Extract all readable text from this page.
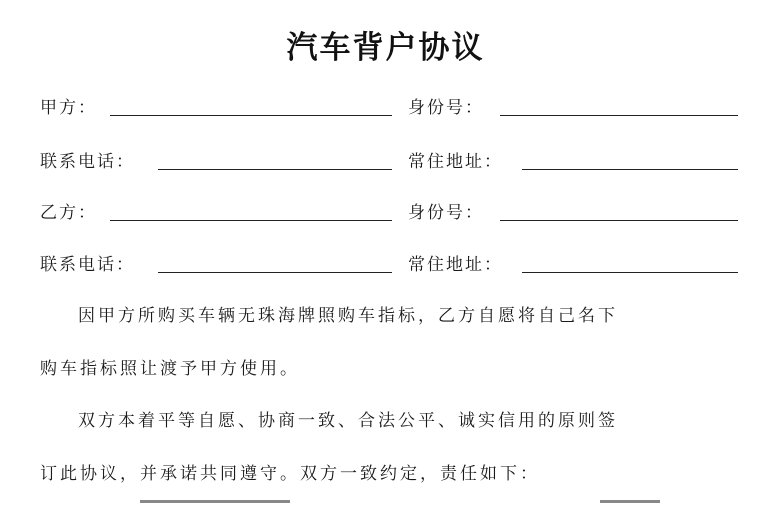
汽车背户协议
甲方：	身份号：
联系电话：	常住地址：
乙方：	身份号：
联系电话：	常住地址：
因甲方所购买车辆无珠海牌照购车指标，乙方自愿将自己名下
购车指标照让渡予甲方使用。
双方本着平等自愿、协商一致、合法公平、诚实信用的原则签
订此协议，并承诺共同遵守。双方一致约定，责任如下：
